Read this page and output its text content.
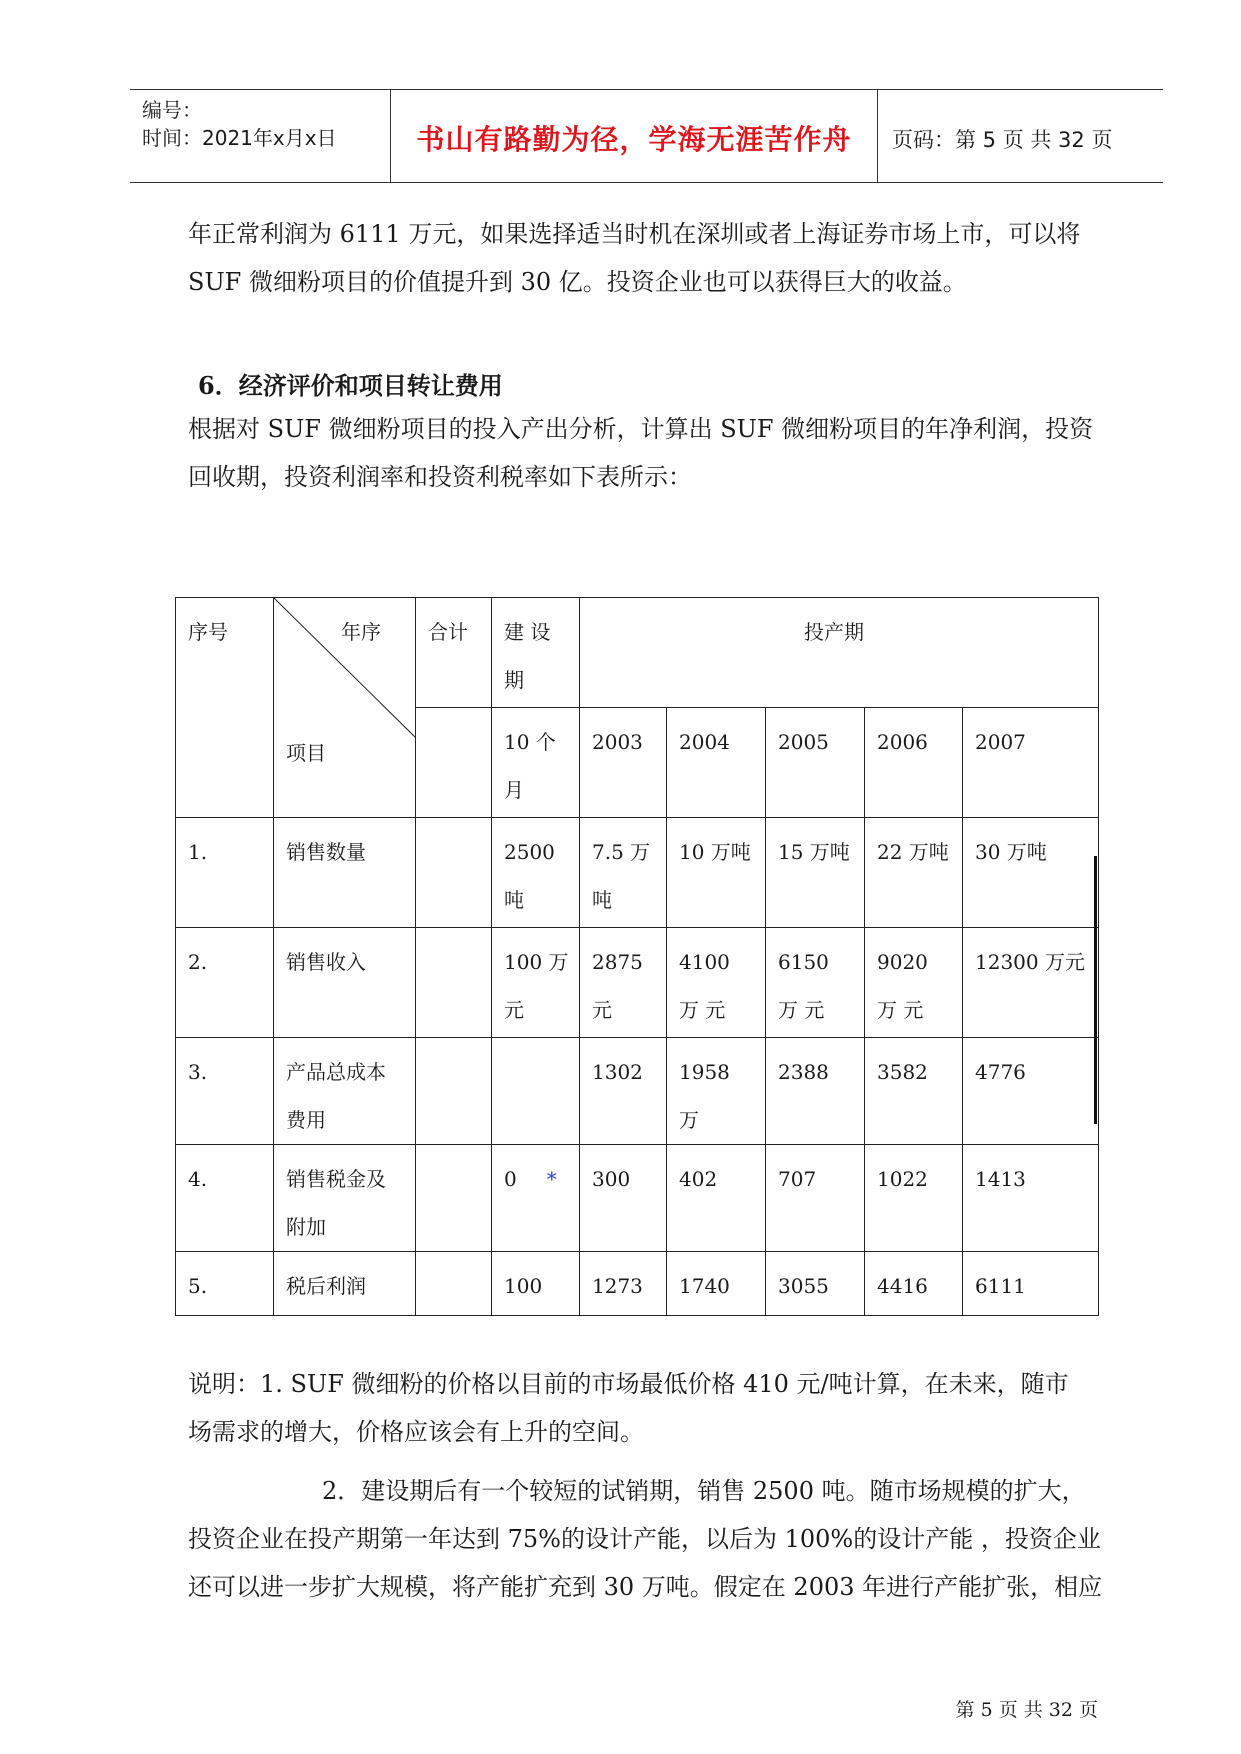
编号：
时间：2021年x月x日	书山有路勤为径，学海无涯苦作舟	页码：第 5 页 共 32 页

年正常利润为 6111 万元，如果选择适当时机在深圳或者上海证券市场上市，可以将

SUF 微细粉项目的价值提升到 30 亿。投资企业也可以获得巨大的收益。

6．经济评价和项目转让费用

根据对 SUF 微细粉项目的投入产出分析，计算出 SUF 微细粉项目的年净利润，投资

回收期，投资利润率和投资利税率如下表所示：

序号	年序
项目	合计	建 设 期	投产期				
			10 个 月	2003	2004	2005	2006	2007
1.	销售数量		2500 吨	7.5 万 吨	10 万吨	15 万吨	22 万吨	30 万吨
2.	销售收入		100 万 元	2875 元	4100 万 元	6150 万 元	9020 万 元	12300 万元
3.	产品总成本费用			1302	1958 万	2388	3582	4776
4.	销售税金及附加		0 *	300	402	707	1022	1413
5.	税后利润		100	1273	1740	3055	4416	6111

说明：1. SUF 微细粉的价格以目前的市场最低价格 410 元/吨计算，在未来，随市

场需求的增大，价格应该会有上升的空间。

2．建设期后有一个较短的试销期，销售 2500 吨。随市场规模的扩大，

投资企业在投产期第一年达到 75%的设计产能，以后为 100%的设计产能 ，投资企业

还可以进一步扩大规模，将产能扩充到 30 万吨。假定在 2003 年进行产能扩张，相应

第 5 页 共 32 页
